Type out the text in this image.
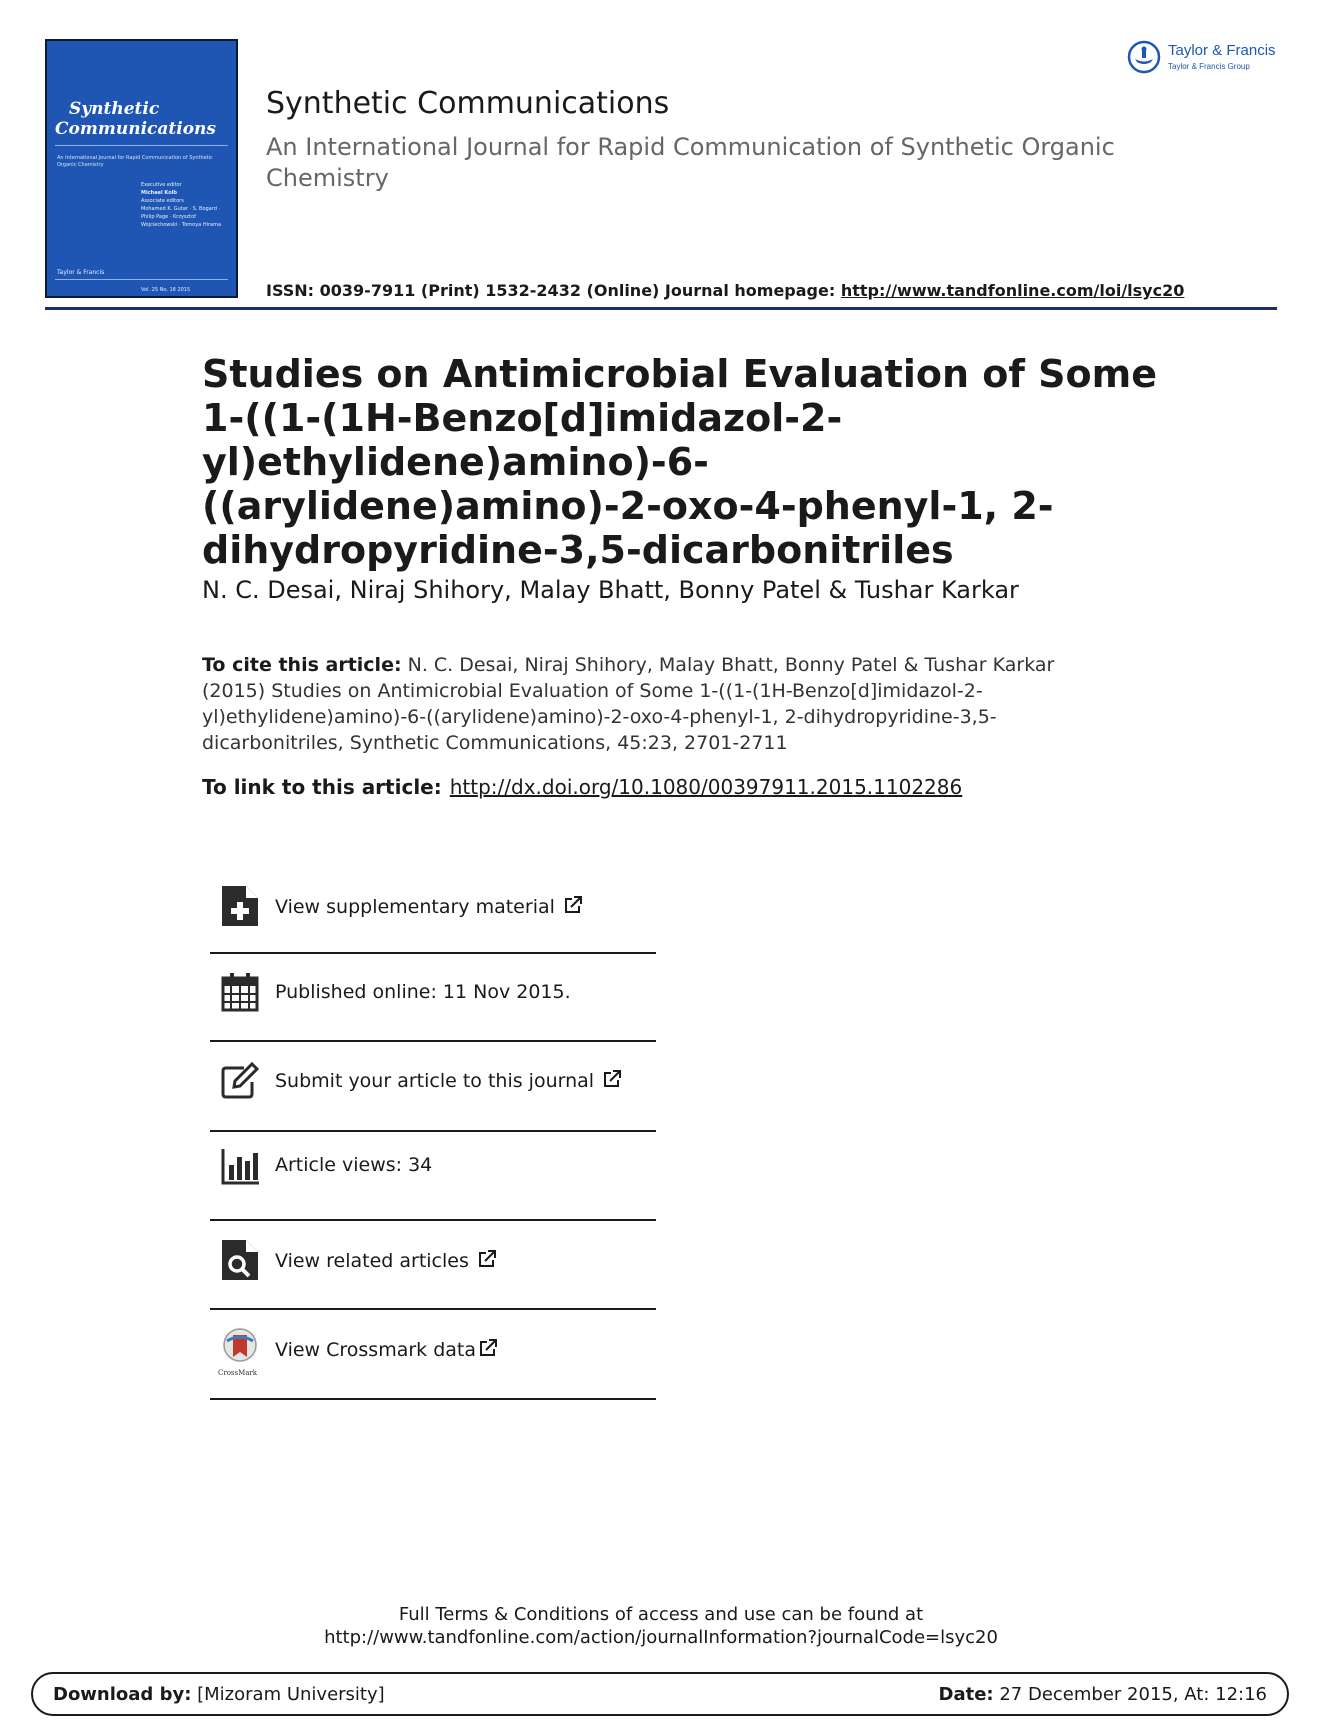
Synthetic
Communications
An International Journal for Rapid Communication of Synthetic Organic Chemistry
Executive editor
Michael Kolb
Associate editors
Mohamed K. Gutar · S. Bogard · Philip Page · Krzysztof Wojciechowski · Tomoya Hirama
Taylor & Francis
Vol. 25 No. 18 2015
Taylor & Francis
Taylor & Francis Group
Synthetic Communications
An International Journal for Rapid Communication of Synthetic Organic Chemistry
ISSN: 0039-7911 (Print) 1532-2432 (Online) Journal homepage: http://www.tandfonline.com/loi/lsyc20
Studies on Antimicrobial Evaluation of Some 1-((1-(1H-Benzo[d]imidazol-2-yl)ethylidene)amino)-6-((arylidene)amino)-2-oxo-4-phenyl-1, 2-dihydropyridine-3,5-dicarbonitriles
N. C. Desai, Niraj Shihory, Malay Bhatt, Bonny Patel & Tushar Karkar
To cite this article: N. C. Desai, Niraj Shihory, Malay Bhatt, Bonny Patel & Tushar Karkar (2015) Studies on Antimicrobial Evaluation of Some 1-((1-(1H-Benzo[d]imidazol-2-yl)ethylidene)amino)-6-((arylidene)amino)-2-oxo-4-phenyl-1, 2-dihydropyridine-3,5-dicarbonitriles, Synthetic Communications, 45:23, 2701-2711
To link to this article: http://dx.doi.org/10.1080/00397911.2015.1102286
View supplementary material
Published online: 11 Nov 2015.
Submit your article to this journal
Article views: 34
View related articles
CrossMark
View Crossmark data
Full Terms & Conditions of access and use can be found at
http://www.tandfonline.com/action/journalInformation?journalCode=lsyc20
Download by: [Mizoram University]	Date: 27 December 2015, At: 12:16
